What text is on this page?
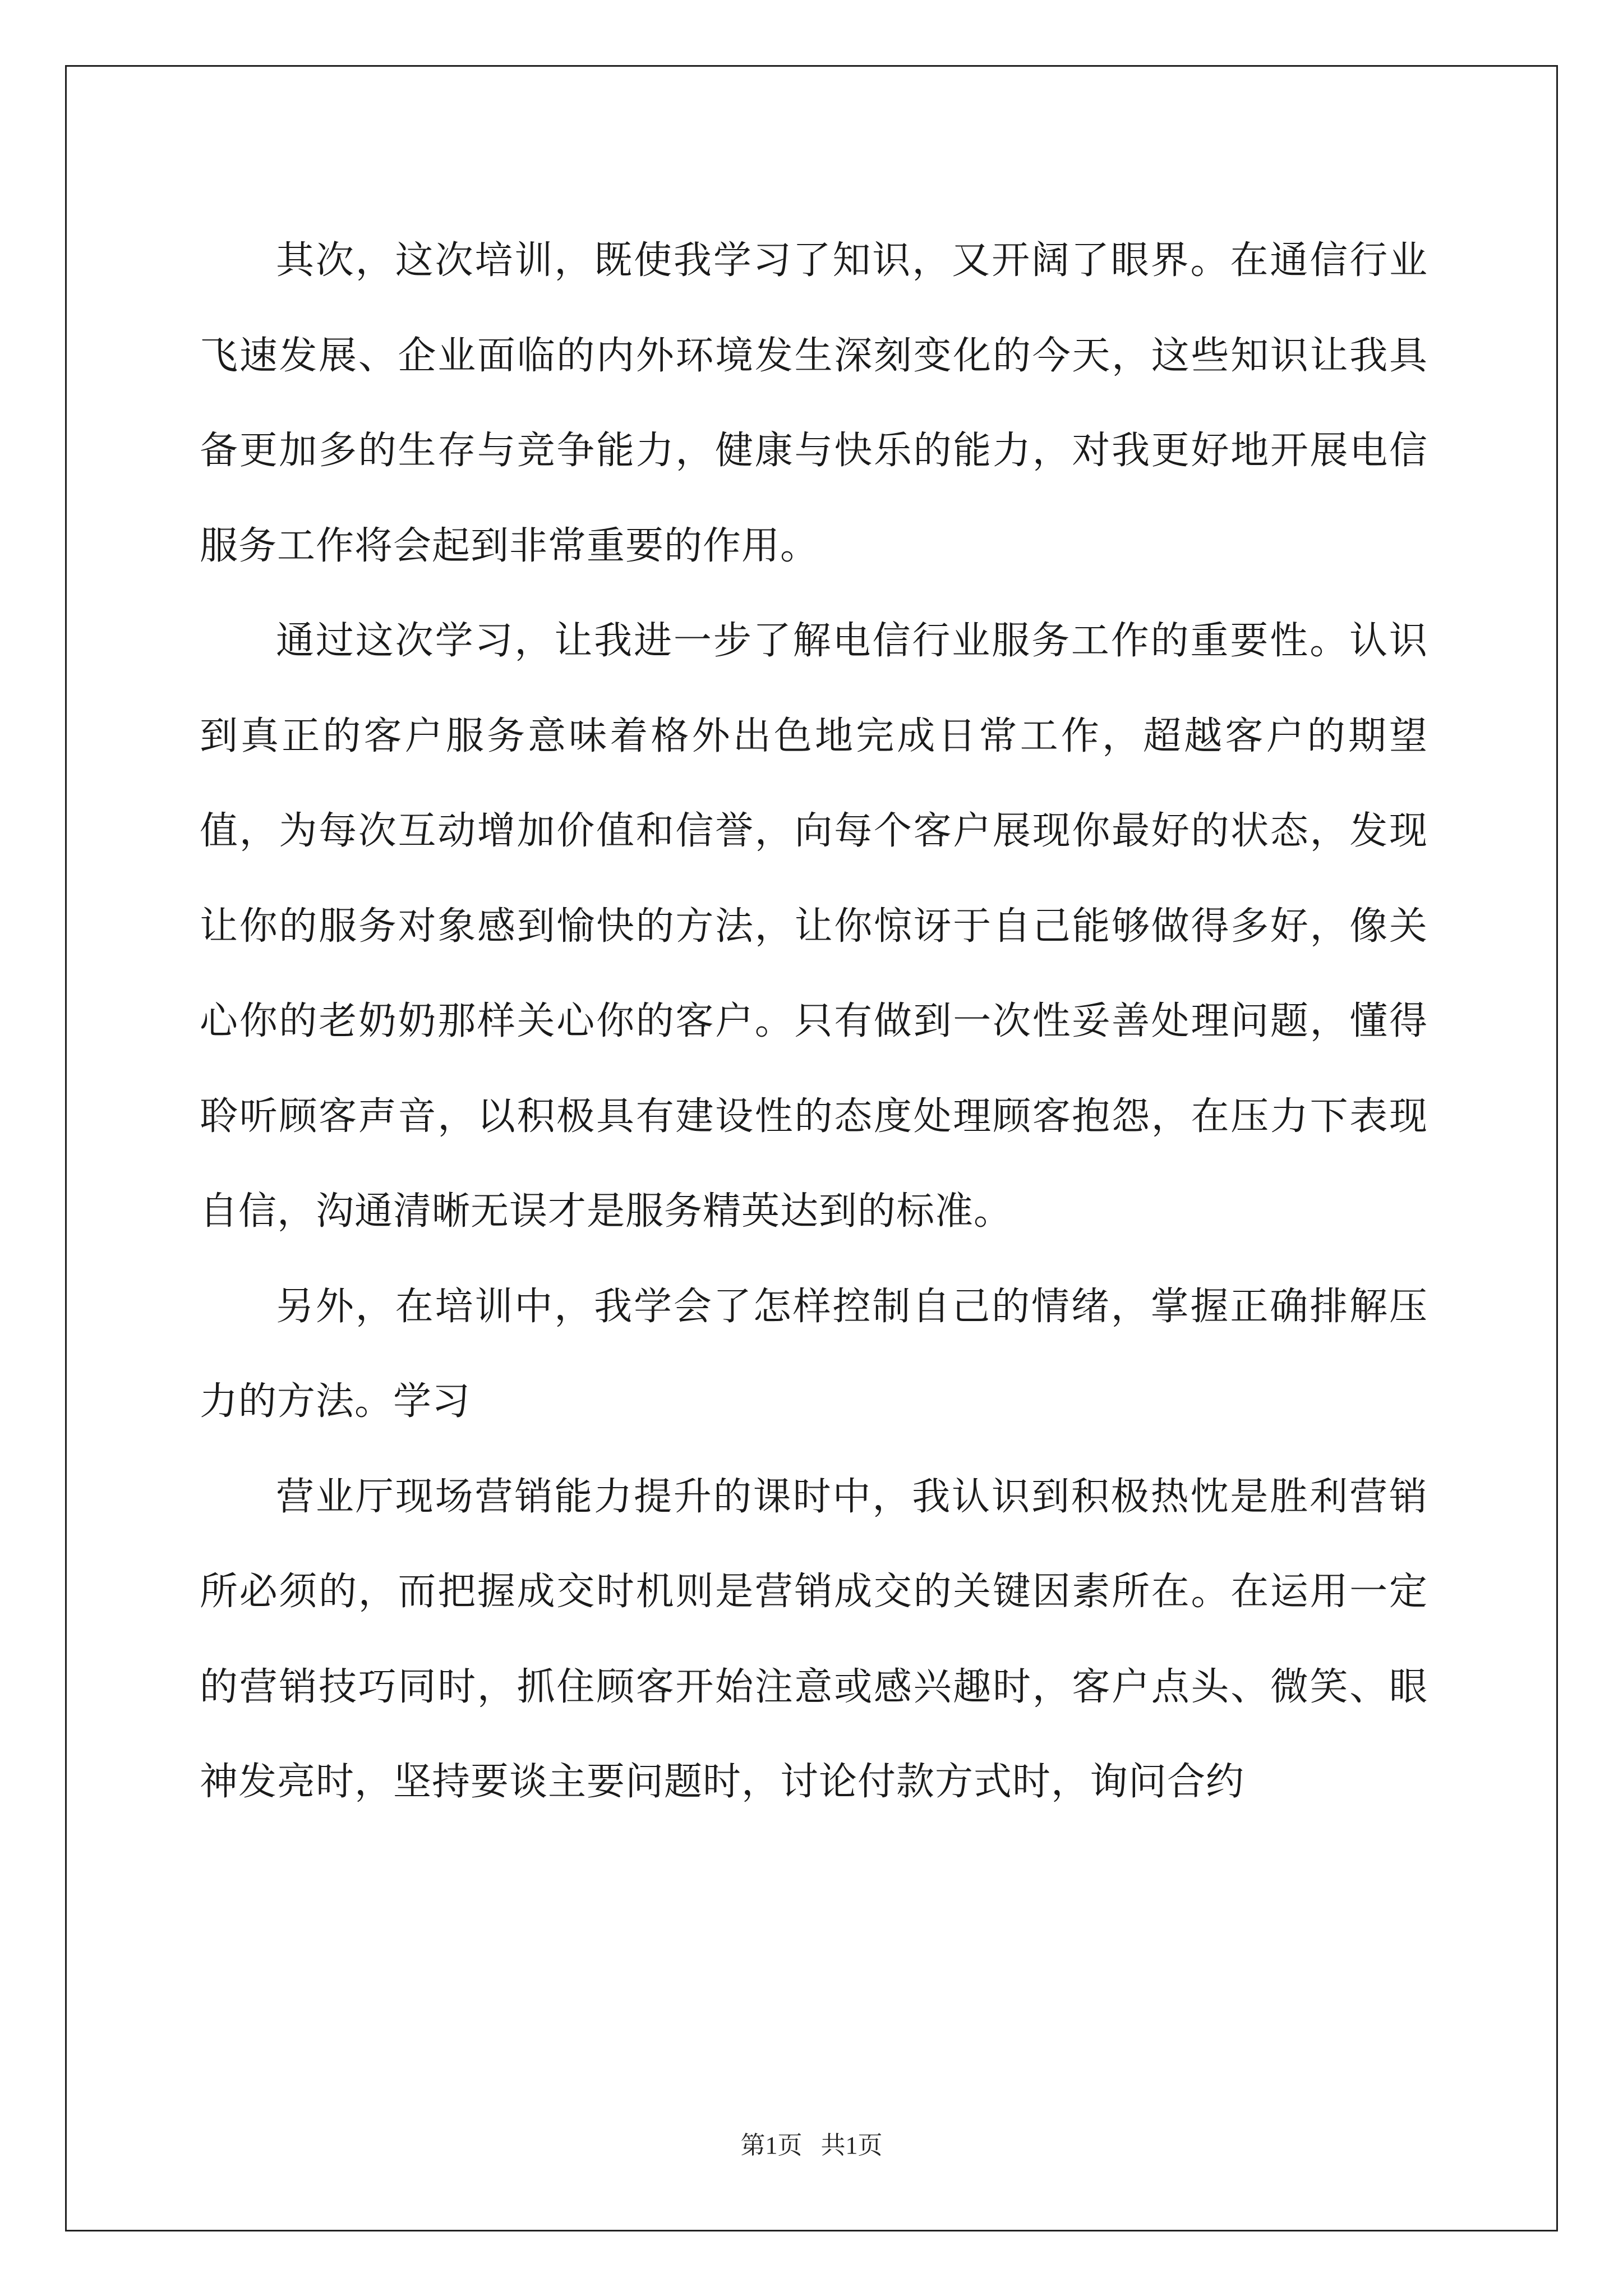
其次，这次培训，既使我学习了知识，又开阔了眼界。在通信行业飞速发展、企业面临的内外环境发生深刻变化的今天，这些知识让我具备更加多的生存与竞争能力，健康与快乐的能力，对我更好地开展电信服务工作将会起到非常重要的作用。

通过这次学习，让我进一步了解电信行业服务工作的重要性。认识到真正的客户服务意味着格外出色地完成日常工作，超越客户的期望值，为每次互动增加价值和信誉，向每个客户展现你最好的状态，发现让你的服务对象感到愉快的方法，让你惊讶于自己能够做得多好，像关心你的老奶奶那样关心你的客户。只有做到一次性妥善处理问题，懂得聆听顾客声音，以积极具有建设性的态度处理顾客抱怨，在压力下表现自信，沟通清晰无误才是服务精英达到的标准。

另外，在培训中，我学会了怎样控制自己的情绪，掌握正确排解压力的方法。学习

营业厅现场营销能力提升的课时中，我认识到积极热忱是胜利营销所必须的，而把握成交时机则是营销成交的关键因素所在。在运用一定的营销技巧同时，抓住顾客开始注意或感兴趣时，客户点头、微笑、眼神发亮时，坚持要谈主要问题时，讨论付款方式时，询问合约

第1页 共1页
